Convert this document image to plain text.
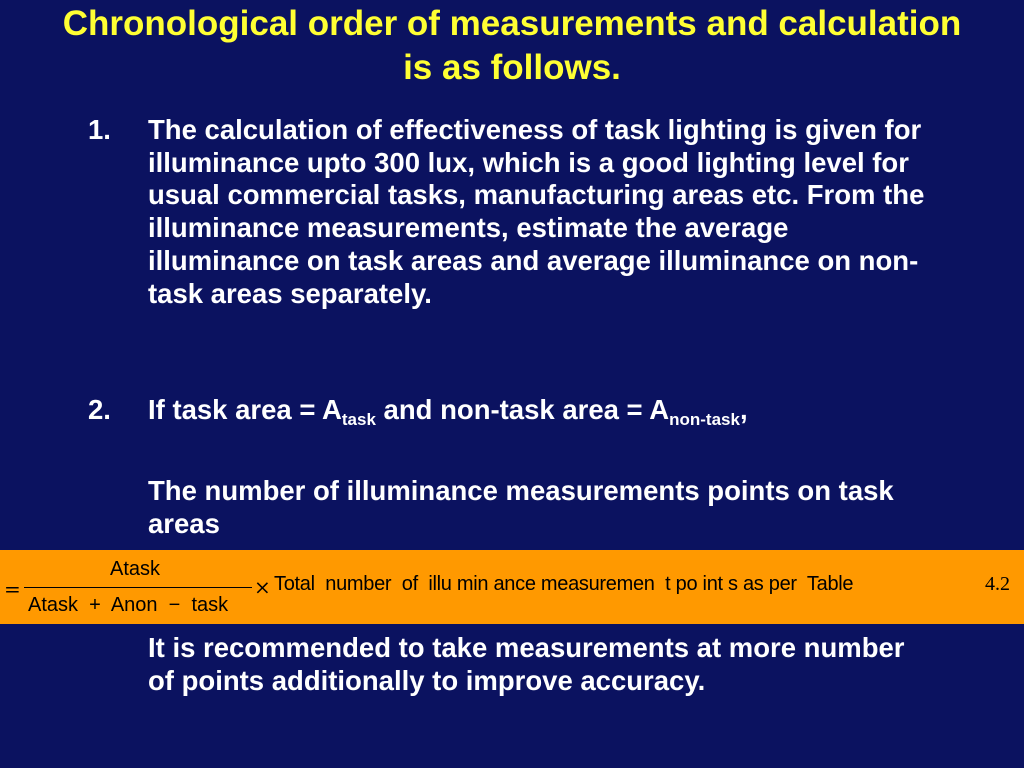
Chronological order of measurements and calculation is as follows.
1. The calculation of effectiveness of task lighting is given for illuminance upto 300 lux, which is a good lighting level for usual commercial tasks, manufacturing areas etc. From the illuminance measurements, estimate the average illuminance on task areas and average illuminance on non-task areas separately.
2. If task area = $A_{task}$ and non-task area = $A_{non-task}$,
The number of illuminance measurements points on task areas
=
Atask
Atask  +  Anon  −  task
× Total  number  of  illu min ance measuremen  t po int s as per  Table	4.2
It is recommended to take measurements at more number of points additionally to improve accuracy.
